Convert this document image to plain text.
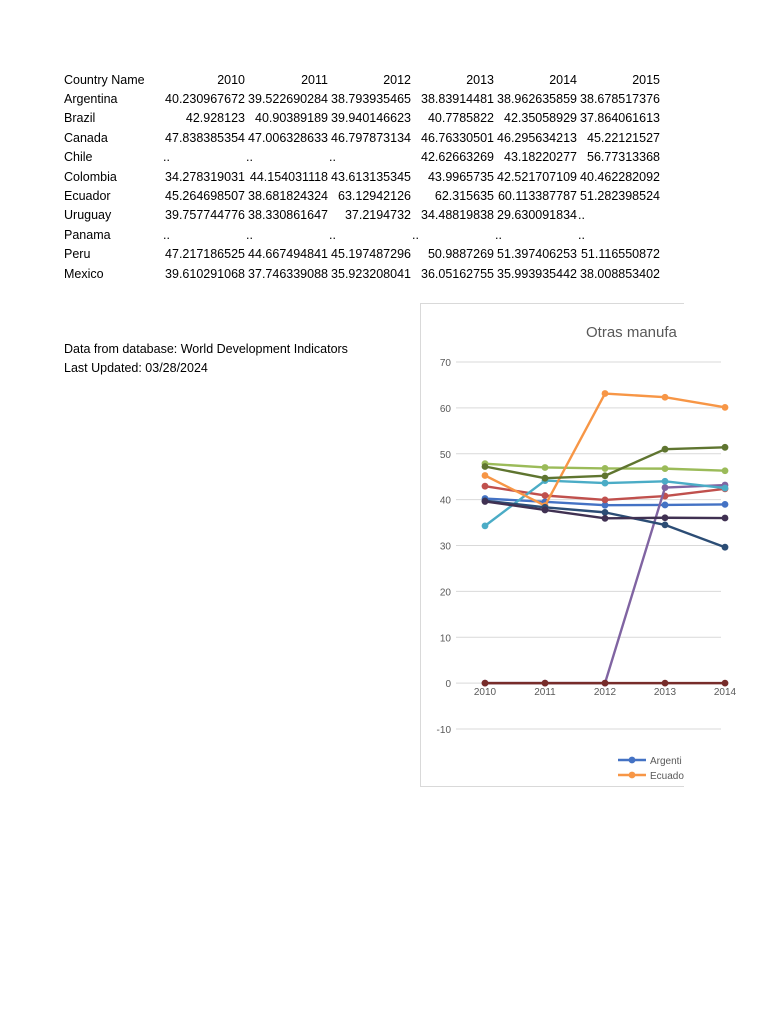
Country Name	2010	2011	2012	2013	2014	2015
Argentina	40.230967672	39.522690284	38.793935465	38.83914481	38.962635859	38.678517376
Brazil	42.928123	40.90389189	39.940146623	40.7785822	42.35058929	37.864061613
Canada	47.838385354	47.006328633	46.797873134	46.76330501	46.295634213	45.22121527
Chile	..	..	..	42.62663269	43.18220277	56.77313368
Colombia	34.278319031	44.154031118	43.613135345	43.9965735	42.521707109	40.462282092
Ecuador	45.264698507	38.681824324	63.12942126	62.315635	60.113387787	51.282398524
Uruguay	39.757744776	38.330861647	37.2194732	34.48819838	29.630091834	..
Panama	..	..	..	..	..	..
Peru	47.217186525	44.667494841	45.197487296	50.9887269	51.397406253	51.116550872
Mexico	39.610291068	37.746339088	35.923208041	36.05162755	35.993935442	38.008853402
Data from database: World Development Indicators
Last Updated: 03/28/2024
Otras manufa
70
60
50
40
30
20
10
0
-10
2010	2011	2012	2013	2014
Argenti
Ecuado
